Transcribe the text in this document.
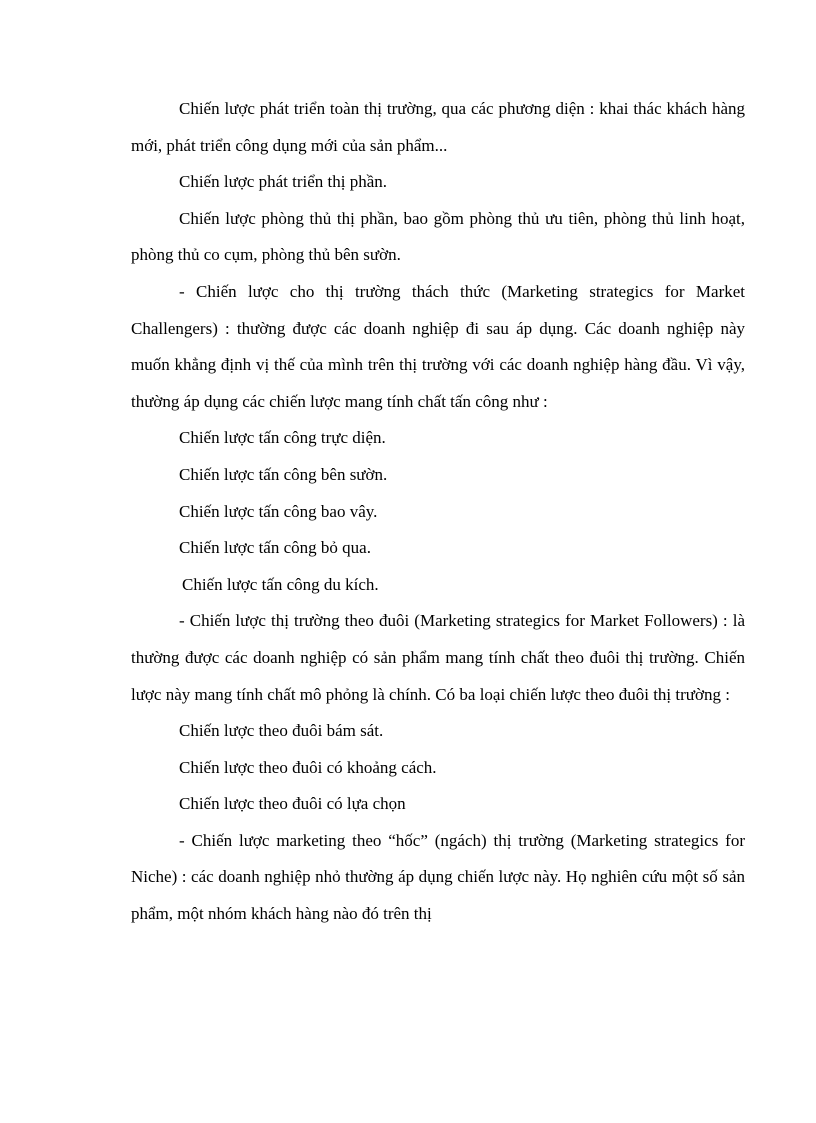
Chiến lược phát triển toàn thị trường, qua các phương diện : khai thác khách hàng mới, phát triển công dụng mới của sản phẩm...

Chiến lược phát triển thị phần.

Chiến lược phòng thủ thị phần, bao gồm phòng thủ ưu tiên, phòng thủ linh hoạt, phòng thủ co cụm, phòng thủ bên sườn.

- Chiến lược cho thị trường thách thức (Marketing strategics for Market Challengers) : thường được các doanh nghiệp đi sau áp dụng. Các doanh nghiệp này muốn khẳng định vị thế của mình trên thị trường với các doanh nghiệp hàng đầu. Vì vậy, thường áp dụng các chiến lược mang tính chất tấn công như :

Chiến lược tấn công trực diện.

Chiến lược tấn công bên sườn.

Chiến lược tấn công bao vây.

Chiến lược tấn công bỏ qua.

Chiến lược tấn công du kích.

- Chiến lược thị trường theo đuôi (Marketing strategics for Market Followers) : là thường được các doanh nghiệp có sản phẩm mang tính chất theo đuôi thị trường. Chiến lược này mang tính chất mô phỏng là chính. Có ba loại chiến lược theo đuôi thị trường :

Chiến lược theo đuôi bám sát.

Chiến lược theo đuôi có khoảng cách.

Chiến lược theo đuôi có lựa chọn

- Chiến lược marketing theo “hốc” (ngách) thị trường (Marketing strategics for Niche) : các doanh nghiệp nhỏ thường áp dụng chiến lược này. Họ nghiên cứu một số sản phẩm, một nhóm khách hàng nào đó trên thị
